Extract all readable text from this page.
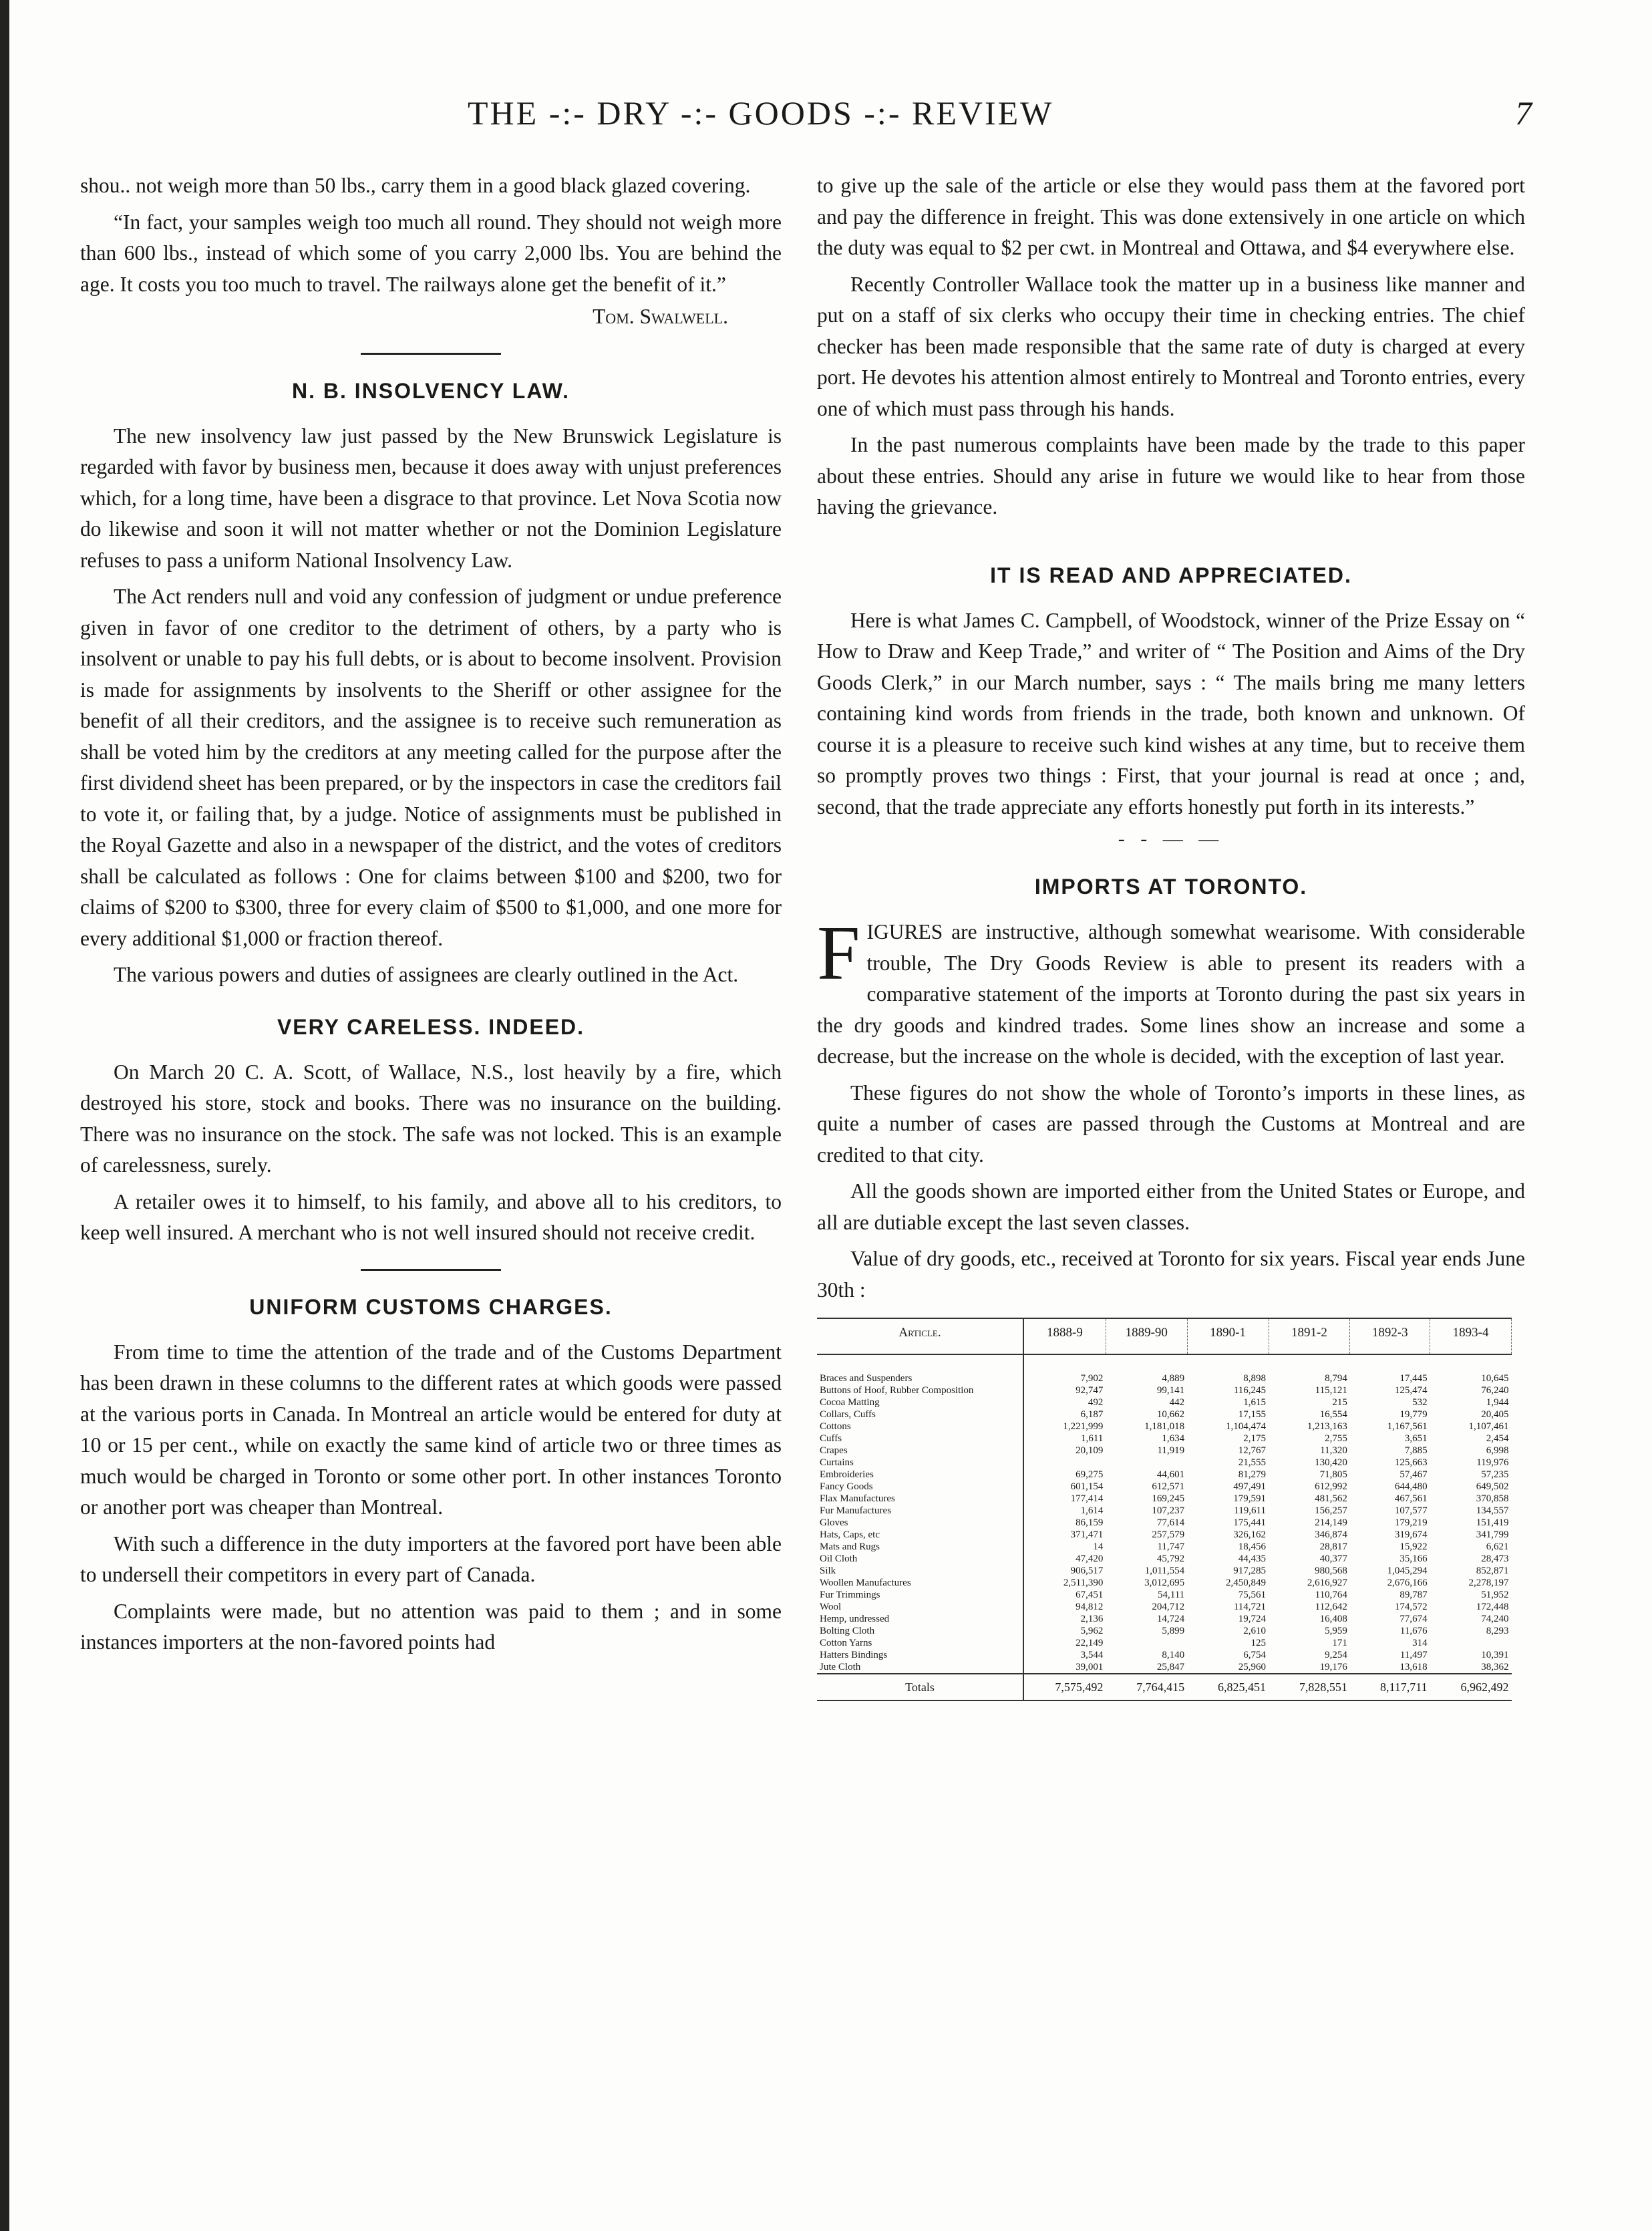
THE -:- DRY -:- GOODS -:- REVIEW	7

shou.. not weigh more than 50 lbs., carry them in a good black glazed covering.

“In fact, your samples weigh too much all round. They should not weigh more than 600 lbs., instead of which some of you carry 2,000 lbs. You are behind the age. It costs you too much to travel. The railways alone get the benefit of it.”

Tom. Swalwell.

N. B. INSOLVENCY LAW.

The new insolvency law just passed by the New Brunswick Legislature is regarded with favor by business men, because it does away with unjust preferences which, for a long time, have been a disgrace to that province. Let Nova Scotia now do likewise and soon it will not matter whether or not the Dominion Legislature refuses to pass a uniform National Insolvency Law.

The Act renders null and void any confession of judgment or undue preference given in favor of one creditor to the detriment of others, by a party who is insolvent or unable to pay his full debts, or is about to become insolvent. Provision is made for assignments by insolvents to the Sheriff or other assignee for the benefit of all their creditors, and the assignee is to receive such remuneration as shall be voted him by the creditors at any meeting called for the purpose after the first dividend sheet has been prepared, or by the inspectors in case the creditors fail to vote it, or failing that, by a judge. Notice of assignments must be published in the Royal Gazette and also in a newspaper of the district, and the votes of creditors shall be calculated as follows : One for claims between $100 and $200, two for claims of $200 to $300, three for every claim of $500 to $1,000, and one more for every additional $1,000 or fraction thereof.

The various powers and duties of assignees are clearly outlined in the Act.

VERY CARELESS. INDEED.

On March 20 C. A. Scott, of Wallace, N.S., lost heavily by a fire, which destroyed his store, stock and books. There was no insurance on the building. There was no insurance on the stock. The safe was not locked. This is an example of carelessness, surely.

A retailer owes it to himself, to his family, and above all to his creditors, to keep well insured. A merchant who is not well insured should not receive credit.

UNIFORM CUSTOMS CHARGES.

From time to time the attention of the trade and of the Customs Department has been drawn in these columns to the different rates at which goods were passed at the various ports in Canada. In Montreal an article would be entered for duty at 10 or 15 per cent., while on exactly the same kind of article two or three times as much would be charged in Toronto or some other port. In other instances Toronto or another port was cheaper than Montreal.

With such a difference in the duty importers at the favored port have been able to undersell their competitors in every part of Canada.

Complaints were made, but no attention was paid to them ; and in some instances importers at the non-favored points had

to give up the sale of the article or else they would pass them at the favored port and pay the difference in freight. This was done extensively in one article on which the duty was equal to $2 per cwt. in Montreal and Ottawa, and $4 everywhere else.

Recently Controller Wallace took the matter up in a business like manner and put on a staff of six clerks who occupy their time in checking entries. The chief checker has been made responsible that the same rate of duty is charged at every port. He devotes his attention almost entirely to Montreal and Toronto entries, every one of which must pass through his hands.

In the past numerous complaints have been made by the trade to this paper about these entries. Should any arise in future we would like to hear from those having the grievance.

IT IS READ AND APPRECIATED.

Here is what James C. Campbell, of Woodstock, winner of the Prize Essay on “ How to Draw and Keep Trade,” and writer of “ The Position and Aims of the Dry Goods Clerk,” in our March number, says : “ The mails bring me many letters containing kind words from friends in the trade, both known and unknown. Of course it is a pleasure to receive such kind wishes at any time, but to receive them so promptly proves two things : First, that your journal is read at once ; and, second, that the trade appreciate any efforts honestly put forth in its interests.”

- - — —
IMPORTS AT TORONTO.

FIGURES are instructive, although somewhat wearisome. With considerable trouble, The Dry Goods Review is able to present its readers with a comparative statement of the imports at Toronto during the past six years in the dry goods and kindred trades. Some lines show an increase and some a decrease, but the increase on the whole is decided, with the exception of last year.

These figures do not show the whole of Toronto’s imports in these lines, as quite a number of cases are passed through the Customs at Montreal and are credited to that city.

All the goods shown are imported either from the United States or Europe, and all are dutiable except the last seven classes.

Value of dry goods, etc., received at Toronto for six years. Fiscal year ends June 30th :

Article.	1888-9	1889-90	1890-1	1891-2	1892-3	1893-4

Braces and Suspenders	7,902	4,889	8,898	8,794	17,445	10,645
Buttons of Hoof, Rubber Composition	92,747	99,141	116,245	115,121	125,474	76,240
Cocoa Matting	492	442	1,615	215	532	1,944
Collars, Cuffs	6,187	10,662	17,155	16,554	19,779	20,405
Cottons	1,221,999	1,181,018	1,104,474	1,213,163	1,167,561	1,107,461
Cuffs	1,611	1,634	2,175	2,755	3,651	2,454
Crapes	20,109	11,919	12,767	11,320	7,885	6,998
Curtains			21,555	130,420	125,663	119,976
Embroideries	69,275	44,601	81,279	71,805	57,467	57,235
Fancy Goods	601,154	612,571	497,491	612,992	644,480	649,502
Flax Manufactures	177,414	169,245	179,591	481,562	467,561	370,858
Fur Manufactures	1,614	107,237	119,611	156,257	107,577	134,557
Gloves	86,159	77,614	175,441	214,149	179,219	151,419
Hats, Caps, etc	371,471	257,579	326,162	346,874	319,674	341,799
Mats and Rugs	14	11,747	18,456	28,817	15,922	6,621
Oil Cloth	47,420	45,792	44,435	40,377	35,166	28,473
Silk	906,517	1,011,554	917,285	980,568	1,045,294	852,871
Woollen Manufactures	2,511,390	3,012,695	2,450,849	2,616,927	2,676,166	2,278,197
Fur Trimmings	67,451	54,111	75,561	110,764	89,787	51,952
Wool	94,812	204,712	114,721	112,642	174,572	172,448
Hemp, undressed	2,136	14,724	19,724	16,408	77,674	74,240
Bolting Cloth	5,962	5,899	2,610	5,959	11,676	8,293
Cotton Yarns	22,149		125	171	314	
Hatters Bindings	3,544	8,140	6,754	9,254	11,497	10,391
Jute Cloth	39,001	25,847	25,960	19,176	13,618	38,362
Totals	7,575,492	7,764,415	6,825,451	7,828,551	8,117,711	6,962,492
